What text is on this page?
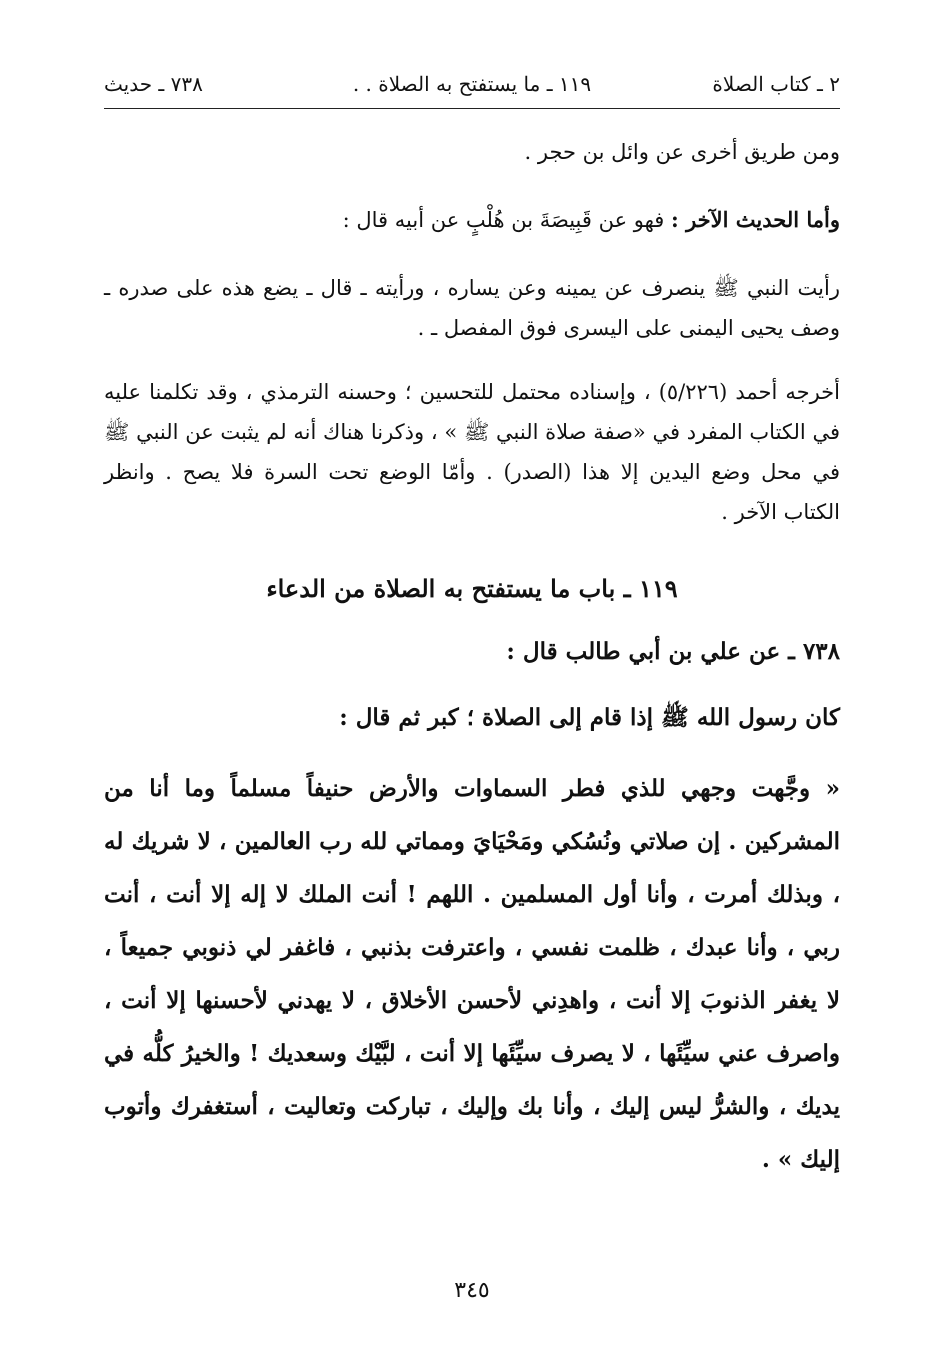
٢ ـ كتاب الصلاة
١١٩ ـ ما يستفتح به الصلاة . .
٧٣٨ ـ حديث

ومن طريق أخرى عن وائل بن حجر .

وأما الحديث الآخر : فهو عن قَبِيصَةَ بن هُلْبٍ عن أبيه قال :

رأيت النبي ﷺ ينصرف عن يمينه وعن يساره ، ورأيته ـ قال ـ يضع هذه على صدره ـ وصف يحيى اليمنى على اليسرى فوق المفصل ـ .

أخرجه أحمد (٥/٢٢٦) ، وإسناده محتمل للتحسين ؛ وحسنه الترمذي ، وقد تكلمنا عليه في الكتاب المفرد في «صفة صلاة النبي ﷺ » ، وذكرنا هناك أنه لم يثبت عن النبي ﷺ في محل وضع اليدين إلا هذا (الصدر) . وأمّا الوضع تحت السرة فلا يصح . وانظر الكتاب الآخر .

١١٩ ـ باب ما يستفتح به الصلاة من الدعاء

٧٣٨ ـ عن علي بن أبي طالب قال :

كان رسول الله ﷺ إذا قام إلى الصلاة ؛ كبر ثم قال :

« وجَّهت وجهي للذي فطر السماوات والأرض حنيفاً مسلماً وما أنا من المشركين . إن صلاتي ونُسُكي ومَحْيَايَ ومماتي لله رب العالمين ، لا شريك له ، وبذلك أمرت ، وأنا أول المسلمين . اللهم ! أنت الملك لا إله إلا أنت ، أنت ربي ، وأنا عبدك ، ظلمت نفسي ، واعترفت بذنبي ، فاغفر لي ذنوبي جميعاً ، لا يغفر الذنوبَ إلا أنت ، واهدِني لأحسن الأخلاق ، لا يهدني لأحسنها إلا أنت ، واصرف عني سيِّئَها ، لا يصرف سيِّئَها إلا أنت ، لبَّيْك وسعديك ! والخيرُ كلُّه في يديك ، والشرُّ ليس إليك ، وأنا بك وإليك ، تباركت وتعاليت ، أستغفرك وأتوب إليك » .

٣٤٥
